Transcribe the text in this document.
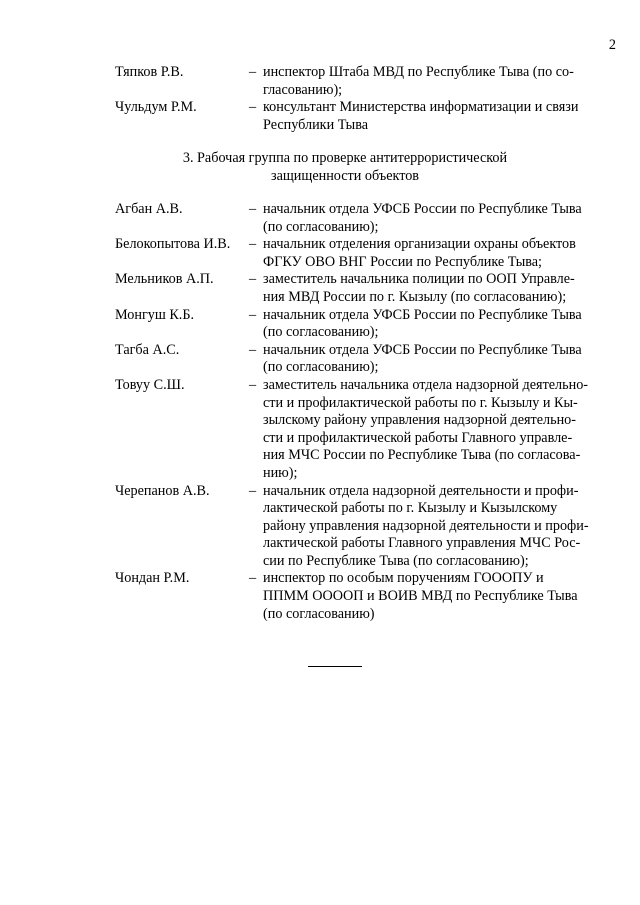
2
Тяпков Р.В.	– инспектор Штаба МВД по Республике Тыва (по со-
гласованию);
Чульдум Р.М.	– консультант Министерства информатизации и связи
Республики Тыва
3. Рабочая группа по проверке антитеррористической
защищенности объектов
Агбан А.В.	– начальник отдела УФСБ России по Республике Тыва
(по согласованию);
Белокопытова И.В.	– начальник отделения организации охраны объектов
ФГКУ ОВО ВНГ России по Республике Тыва;
Мельников А.П.	– заместитель начальника полиции по ООП Управле-
ния МВД России по г. Кызылу (по согласованию);
Монгуш К.Б.	– начальник отдела УФСБ России по Республике Тыва
(по согласованию);
Тагба А.С.	– начальник отдела УФСБ России по Республике Тыва
(по согласованию);
Товуу С.Ш.	– заместитель начальника отдела надзорной деятельно-
сти и профилактической работы по г. Кызылу и Кы-
зылскому району управления надзорной деятельно-
сти и профилактической работы Главного управле-
ния МЧС России по Республике Тыва (по согласова-
нию);
Черепанов А.В.	– начальник отдела надзорной деятельности и профи-
лактической работы по г. Кызылу и Кызылскому
району управления надзорной деятельности и профи-
лактической работы Главного управления МЧС Рос-
сии по Республике Тыва (по согласованию);
Чондан Р.М.	– инспектор по особым поручениям ГОООПУ и
ППММ ООООП и ВОИВ МВД по Республике Тыва
(по согласованию)
